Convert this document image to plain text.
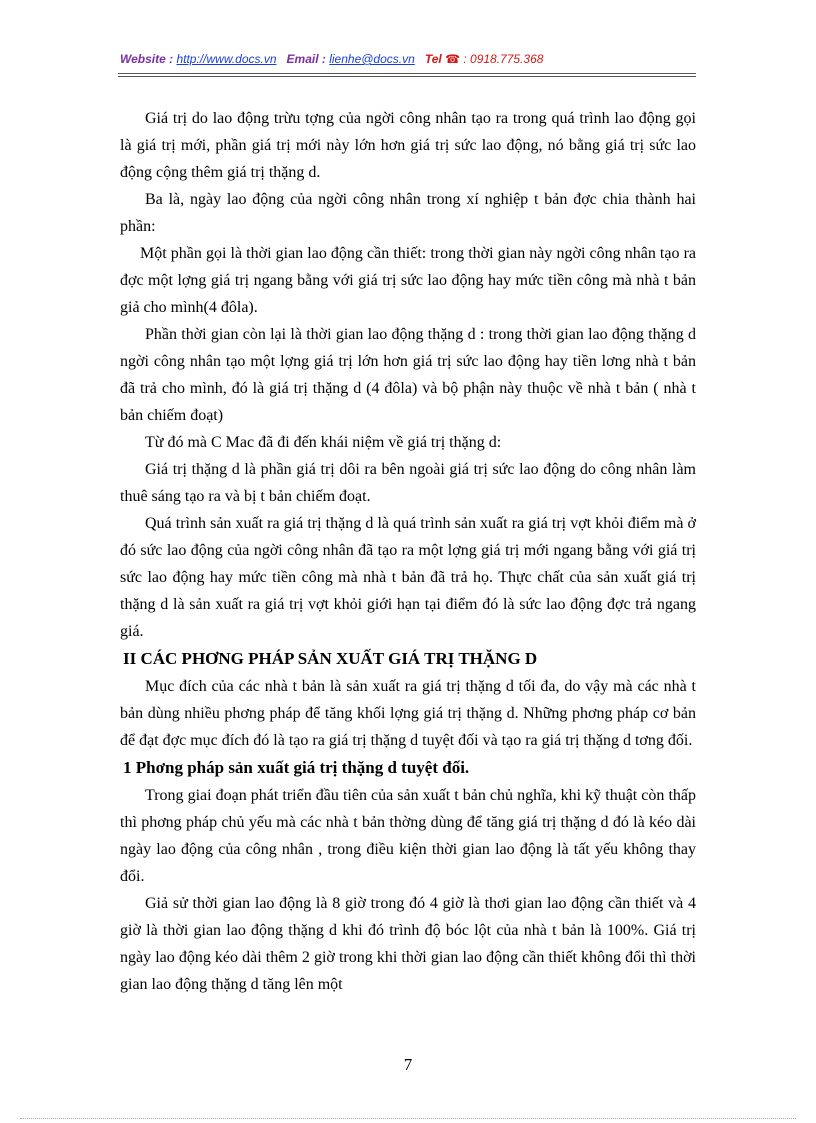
Website : http://www.docs.vn Email : lienhe@docs.vn Tel ☎ : 0918.775.368

Giá trị do lao động trừu tợng của ngời công nhân tạo ra trong quá trình lao động gọi là giá trị mới, phần giá trị mới này lớn hơn giá trị sức lao động, nó bằng giá trị sức lao động cộng thêm giá trị thặng d.

Ba là, ngày lao động của ngời công nhân trong xí nghiệp t bản đợc chia thành hai phần:

Một phần gọi là thời gian lao động cần thiết: trong thời gian này ngời công nhân tạo ra đợc một lợng giá trị ngang bằng với giá trị sức lao động hay mức tiền công mà nhà t bản giả cho mình(4 đôla).

Phần thời gian còn lại là thời gian lao động thặng d : trong thời gian lao động thặng d ngời công nhân tạo một lợng giá trị lớn hơn giá trị sức lao động hay tiền lơng nhà t bản đã trả cho mình, đó là giá trị thặng d (4 đôla) và bộ phận này thuộc về nhà t bản ( nhà t bản chiếm đoạt)

Từ đó mà C Mac đã đi đến khái niệm về giá trị thặng d:

Giá trị thặng d là phần giá trị dôi ra bên ngoài giá trị sức lao động do công nhân làm thuê sáng tạo ra và bị t bản chiếm đoạt.

Quá trình sản xuất ra giá trị thặng d là quá trình sản xuất ra giá trị vợt khỏi điểm mà ở đó sức lao động của ngời công nhân đã tạo ra một lợng giá trị mới ngang bằng với giá trị sức lao động hay mức tiền công mà nhà t bản đã trả họ. Thực chất của sản xuất giá trị thặng d là sản xuất ra giá trị vợt khỏi giới hạn tại điểm đó là sức lao động đợc trả ngang giá.

II CÁC PHƠNG PHÁP SẢN XUẤT GIÁ TRỊ THẶNG D

Mục đích của các nhà t bản là sản xuất ra giá trị thặng d tối đa, do vậy mà các nhà t bản dùng nhiều phơng pháp để tăng khối lợng giá trị thặng d. Những phơng pháp cơ bản để đạt đợc mục đích đó là tạo ra giá trị thặng d tuyệt đối và tạo ra giá trị thặng d tơng đối.

1 Phơng pháp sản xuất giá trị thặng d tuyệt đối.

Trong giai đoạn phát triển đầu tiên của sản xuất t bản chủ nghĩa, khi kỹ thuật còn thấp thì phơng pháp chủ yếu mà các nhà t bản thờng dùng để tăng giá trị thặng d đó là kéo dài ngày lao động của công nhân , trong điều kiện thời gian lao động là tất yếu không thay đổi.

Giả sử thời gian lao động là 8 giờ trong đó 4 giờ là thơi gian lao động cần thiết và 4 giờ là thời gian lao động thặng d khi đó trình độ bóc lột của nhà t bản là 100%. Giá trị ngày lao động kéo dài thêm 2 giờ trong khi thời gian lao động cần thiết không đổi thì thời gian lao động thặng d tăng lên một

7
